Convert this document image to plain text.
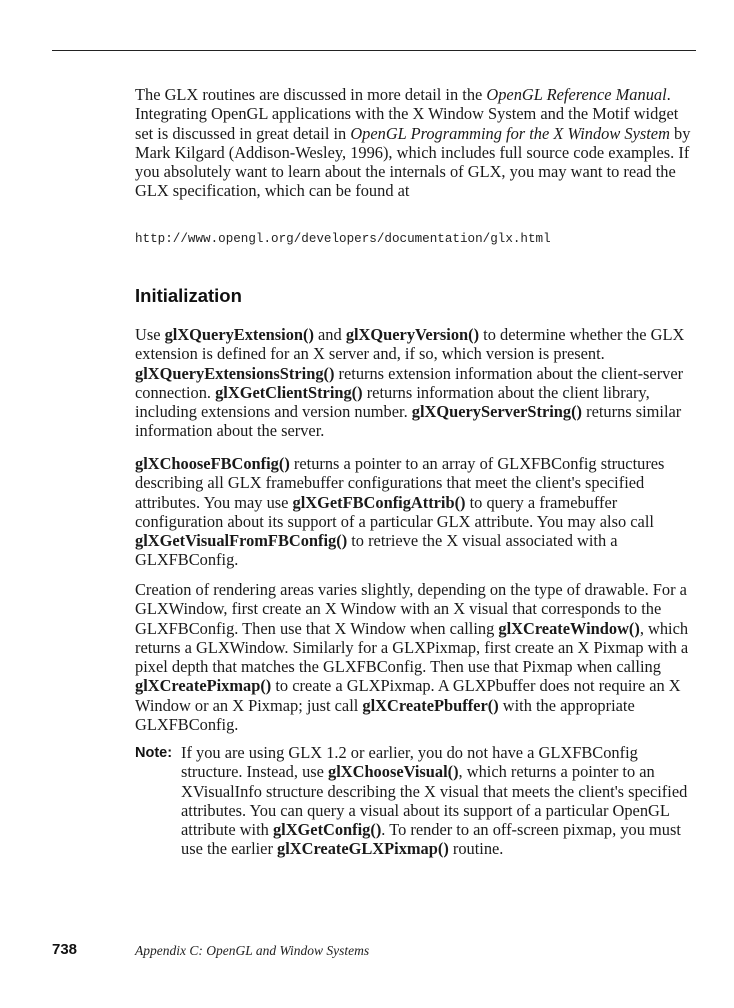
The GLX routines are discussed in more detail in the OpenGL Reference Manual. Integrating OpenGL applications with the X Window System and the Motif widget set is discussed in great detail in OpenGL Programming for the X Window System by Mark Kilgard (Addison-Wesley, 1996), which includes full source code examples. If you absolutely want to learn about the internals of GLX, you may want to read the GLX specification, which can be found at

http://www.opengl.org/developers/documentation/glx.html
Initialization

Use glXQueryExtension() and glXQueryVersion() to determine whether the GLX extension is defined for an X server and, if so, which version is present. glXQueryExtensionsString() returns extension information about the client-server connection. glXGetClientString() returns information about the client library, including extensions and version number. glXQueryServerString() returns similar information about the server.

glXChooseFBConfig() returns a pointer to an array of GLXFBConfig structures describing all GLX framebuffer configurations that meet the client's specified attributes. You may use glXGetFBConfigAttrib() to query a framebuffer configuration about its support of a particular GLX attribute. You may also call glXGetVisualFromFBConfig() to retrieve the X visual associated with a GLXFBConfig.

Creation of rendering areas varies slightly, depending on the type of drawable. For a GLXWindow, first create an X Window with an X visual that corresponds to the GLXFBConfig. Then use that X Window when calling glXCreateWindow(), which returns a GLXWindow. Similarly for a GLXPixmap, first create an X Pixmap with a pixel depth that matches the GLXFBConfig. Then use that Pixmap when calling glXCreatePixmap() to create a GLXPixmap. A GLXPbuffer does not require an X Window or an X Pixmap; just call glXCreatePbuffer() with the appropriate GLXFBConfig.

Note: If you are using GLX 1.2 or earlier, you do not have a GLXFBConfig structure. Instead, use glXChooseVisual(), which returns a pointer to an XVisualInfo structure describing the X visual that meets the client's specified attributes. You can query a visual about its support of a particular OpenGL attribute with glXGetConfig(). To render to an off-screen pixmap, you must use the earlier glXCreateGLXPixmap() routine.

738	Appendix C: OpenGL and Window Systems
